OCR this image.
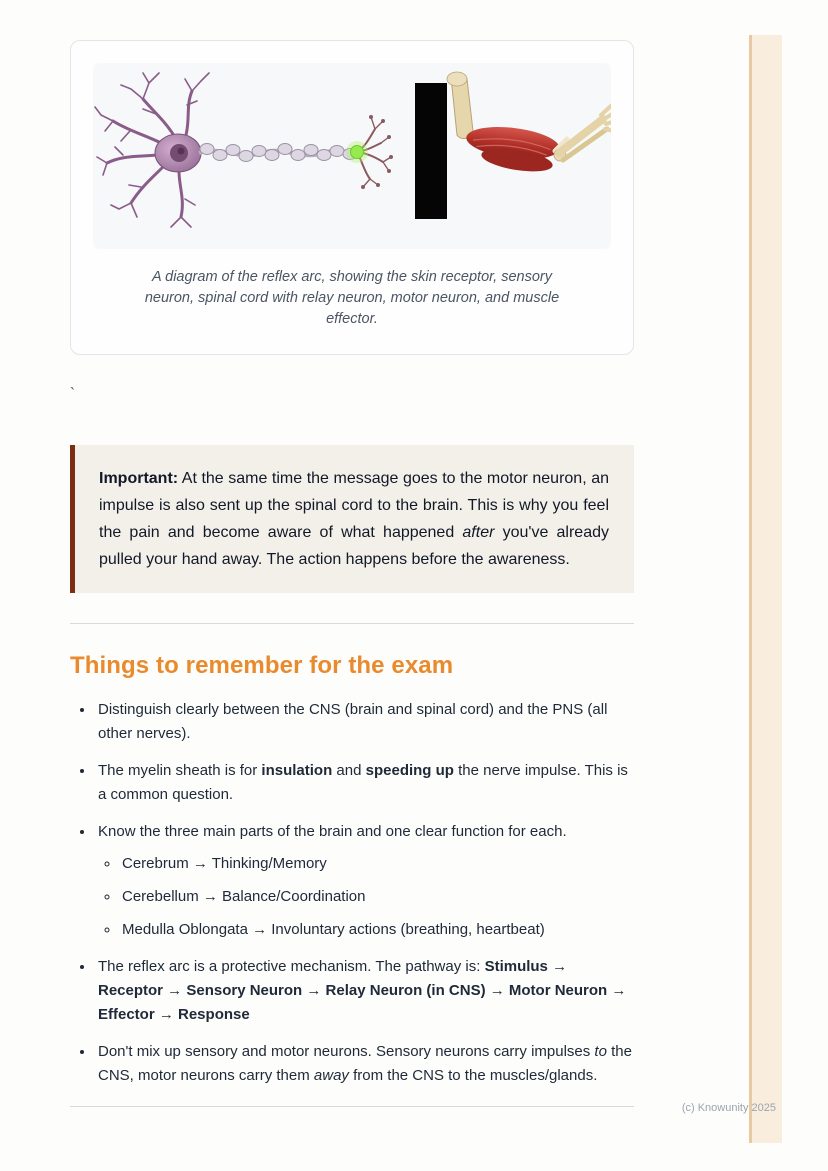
A diagram of the reflex arc, showing the skin receptor, sensory neuron, spinal cord with relay neuron, motor neuron, and muscle effector.
`
Important: At the same time the message goes to the motor neuron, an impulse is also sent up the spinal cord to the brain. This is why you feel the pain and become aware of what happened after you've already pulled your hand away. The action happens before the awareness.
Things to remember for the exam
• Distinguish clearly between the CNS (brain and spinal cord) and the PNS (all other nerves).
• The myelin sheath is for insulation and speeding up the nerve impulse. This is a common question.
• Know the three main parts of the brain and one clear function for each.
◦ Cerebrum → Thinking/Memory
◦ Cerebellum → Balance/Coordination
◦ Medulla Oblongata → Involuntary actions (breathing, heartbeat)
• The reflex arc is a protective mechanism. The pathway is: Stimulus → Receptor → Sensory Neuron → Relay Neuron (in CNS) → Motor Neuron → Effector → Response
• Don't mix up sensory and motor neurons. Sensory neurons carry impulses to the CNS, motor neurons carry them away from the CNS to the muscles/glands.
(c) Knowunity 2025
